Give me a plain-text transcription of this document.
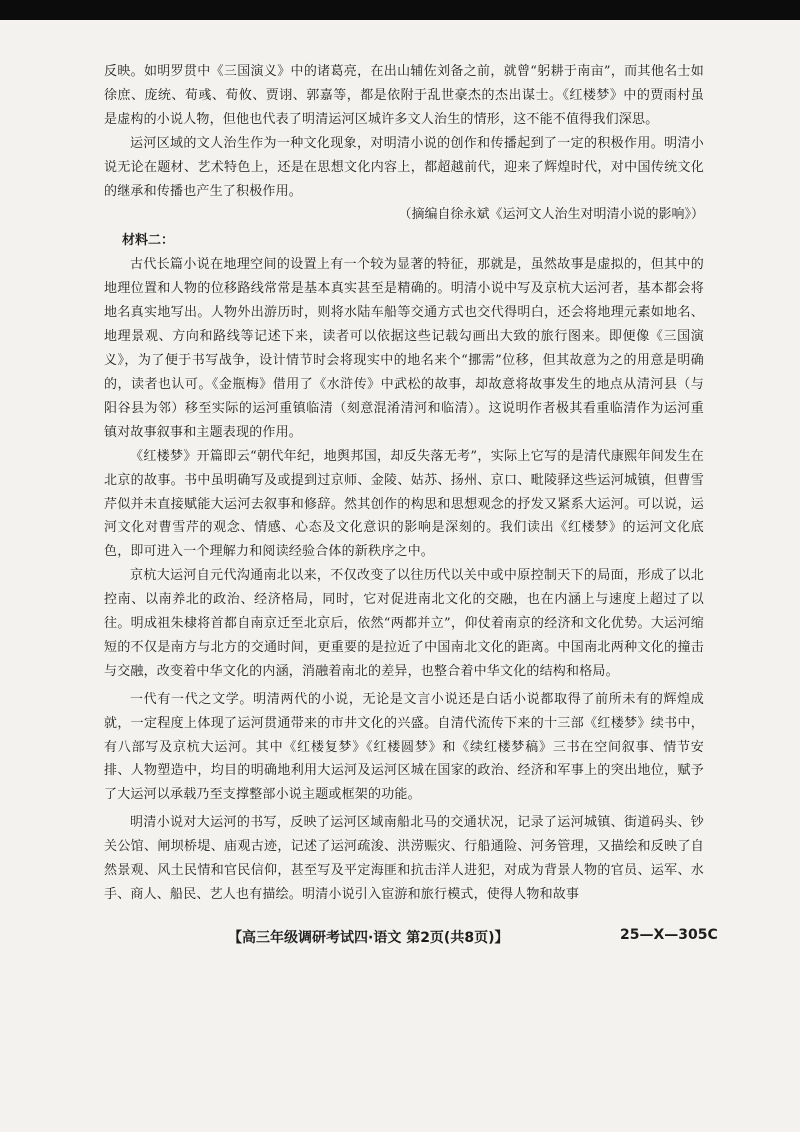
反映。如明罗贯中《三国演义》中的诸葛亮，在出山辅佐刘备之前，就曾“躬耕于南亩”，而其他名士如徐庶、庞统、荀彧、荀攸、贾诩、郭嘉等，都是依附于乱世豪杰的杰出谋士。《红楼梦》中的贾雨村虽是虚构的小说人物，但他也代表了明清运河区城许多文人治生的情形，这不能不值得我们深思。

运河区域的文人治生作为一种文化现象，对明清小说的创作和传播起到了一定的积极作用。明清小说无论在题材、艺术特色上，还是在思想文化内容上，都超越前代，迎来了辉煌时代，对中国传统文化的继承和传播也产生了积极作用。

（摘编自徐永斌《运河文人治生对明清小说的影响》）

材料二：

古代长篇小说在地理空间的设置上有一个较为显著的特征，那就是，虽然故事是虚拟的，但其中的地理位置和人物的位移路线常常是基本真实甚至是精确的。明清小说中写及京杭大运河者，基本都会将地名真实地写出。人物外出游历时，则将水陆车船等交通方式也交代得明白，还会将地理元素如地名、地理景观、方向和路线等记述下来，读者可以依据这些记载勾画出大致的旅行图来。即便像《三国演义》，为了便于书写战争，设计情节时会将现实中的地名来个“挪需”位移，但其故意为之的用意是明确的，读者也认可。《金瓶梅》借用了《水浒传》中武松的故事，却故意将故事发生的地点从清河县（与阳谷县为邻）移至实际的运河重镇临清（刻意混淆清河和临清）。这说明作者极其看重临清作为运河重镇对故事叙事和主题表现的作用。

《红楼梦》开篇即云“朝代年纪，地舆邦国，却反失落无考”，实际上它写的是清代康熙年间发生在北京的故事。书中虽明确写及或提到过京师、金陵、姑苏、扬州、京口、毗陵驿这些运河城镇，但曹雪芹似并未直接赋能大运河去叙事和修辞。然其创作的构思和思想观念的抒发又紧系大运河。可以说，运河文化对曹雪芹的观念、情感、心态及文化意识的影响是深刻的。我们读出《红楼梦》的运河文化底色，即可进入一个理解力和阅读经验合体的新秩序之中。

京杭大运河自元代沟通南北以来，不仅改变了以往历代以关中或中原控制天下的局面，形成了以北控南、以南养北的政治、经济格局，同时，它对促进南北文化的交融，也在内涵上与速度上超过了以往。明成祖朱棣将首都自南京迁至北京后，依然“两都并立”，仰仗着南京的经济和文化优势。大运河缩短的不仅是南方与北方的交通时间，更重要的是拉近了中国南北文化的距离。中国南北两种文化的撞击与交融，改变着中华文化的内涵，消融着南北的差异，也整合着中华文化的结构和格局。

一代有一代之文学。明清两代的小说，无论是文言小说还是白话小说都取得了前所未有的辉煌成就，一定程度上体现了运河贯通带来的市井文化的兴盛。自清代流传下来的十三部《红楼梦》续书中，有八部写及京杭大运河。其中《红楼复梦》《红楼圆梦》和《续红楼梦稿》三书在空间叙事、情节安排、人物塑造中，均目的明确地利用大运河及运河区城在国家的政治、经济和军事上的突出地位，赋予了大运河以承载乃至支撑整部小说主题或框架的功能。

明清小说对大运河的书写，反映了运河区域南船北马的交通状况，记录了运河城镇、街道码头、钞关公馆、闸坝桥堤、庙观古迹，记述了运河疏浚、洪涝赈灾、行船通险、河务管理，又描绘和反映了自然景观、风土民情和官民信仰，甚至写及平定海匪和抗击洋人进犯，对成为背景人物的官员、运军、水手、商人、船民、艺人也有描绘。明清小说引入宦游和旅行模式，使得人物和故事

【高三年级调研考试四·语文 第2页(共8页)】	25—X—305C
